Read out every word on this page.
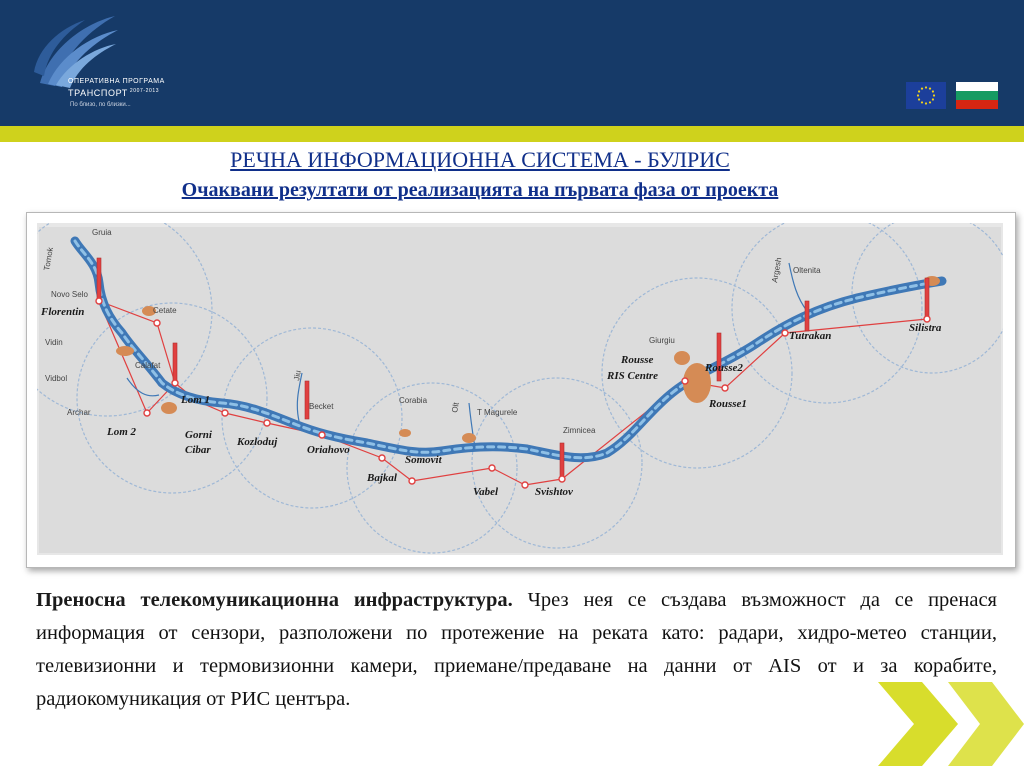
ОПЕРАТИВНА ПРОГРАМА
ТРАНСПОРТ $^{2007-2013}$
По близо, по близки...
РЕЧНА ИНФОРМАЦИОННА СИСТЕМА - БУЛРИС
Очаквани резултати от реализацията на първата фаза от проекта
Gruia
Tomok
Novo Selo
Cetate
Vidin
Calafat
Vidbol
Archar
Jiu
Becket
Corabia
Olt T Magurele
Zimnicea
Giurgiu
Argesh Oltenita
Florentin
Lom 1
Lom 2	Gorni
Cibar
Kozloduj
Oriahovo
Bajkal
Somovit
Vabel	Svishtov
Rousse
RIS Centre
Rousse2
Rousse1
Tutrakan
Silistra
Преносна телекомуникационна инфраструктура. Чрез нея се създава възможност да се пренася информация от сензори, разположени по протежение на реката като: радари, хидро-метео станции, телевизионни и термовизионни камери, приемане/предаване на данни от AIS от и за корабите, радиокомуникация от РИС центъра.
